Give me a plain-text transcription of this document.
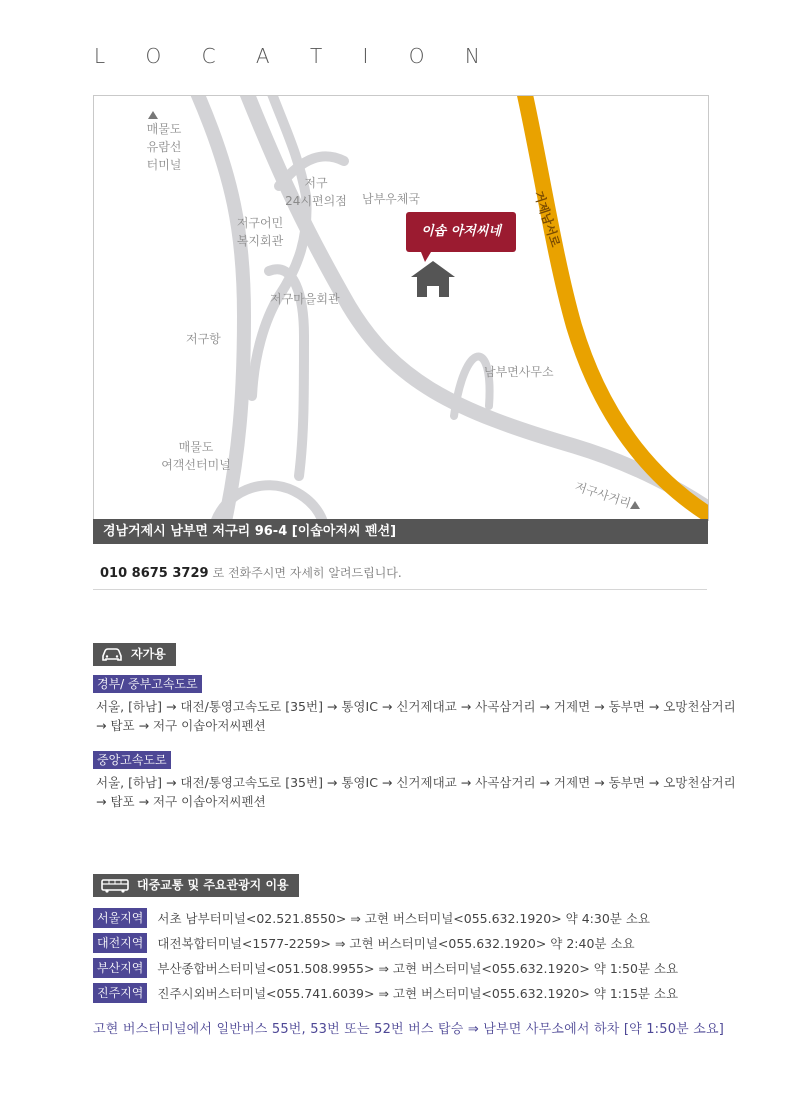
L O C A T I O N
매물도
유람선
터미널
저구
24시편의점	남부우체국
저구어민
복지회관
저구마을회관
저구항
남부면사무소
매물도
여객선터미널
저구사거리
거제남서로
이솝 아저씨네
경남거제시 남부면 저구리 96-4 [이솝아저씨 펜션]
010 8675 3729 로 전화주시면 자세히 알려드립니다.
자가용
경부/ 중부고속도로
서울, [하남] → 대전/통영고속도로 [35번] → 통영IC → 신거제대교 → 사곡삼거리 → 거제면 → 동부면 → 오망천삼거리
→ 탑포 → 저구 이솝아저씨펜션
중앙고속도로
서울, [하남] → 대전/통영고속도로 [35번] → 통영IC → 신거제대교 → 사곡삼거리 → 거제면 → 동부면 → 오망천삼거리
→ 탑포 → 저구 이솝아저씨펜션
대중교통 및 주요관광지 이용
서울지역	서초 남부터미널<02.521.8550> ⇒ 고현 버스터미널<055.632.1920> 약 4:30분 소요
대전지역	대전복합터미널<1577-2259> ⇒ 고현 버스터미널<055.632.1920> 약 2:40분 소요
부산지역	부산종합버스터미널<051.508.9955> ⇒ 고현 버스터미널<055.632.1920> 약 1:50분 소요
진주지역	진주시외버스터미널<055.741.6039> ⇒ 고현 버스터미널<055.632.1920> 약 1:15분 소요
고현 버스터미널에서 일반버스 55번, 53번 또는 52번 버스 탑승 ⇒ 남부면 사무소에서 하차 [약 1:50분 소요]
